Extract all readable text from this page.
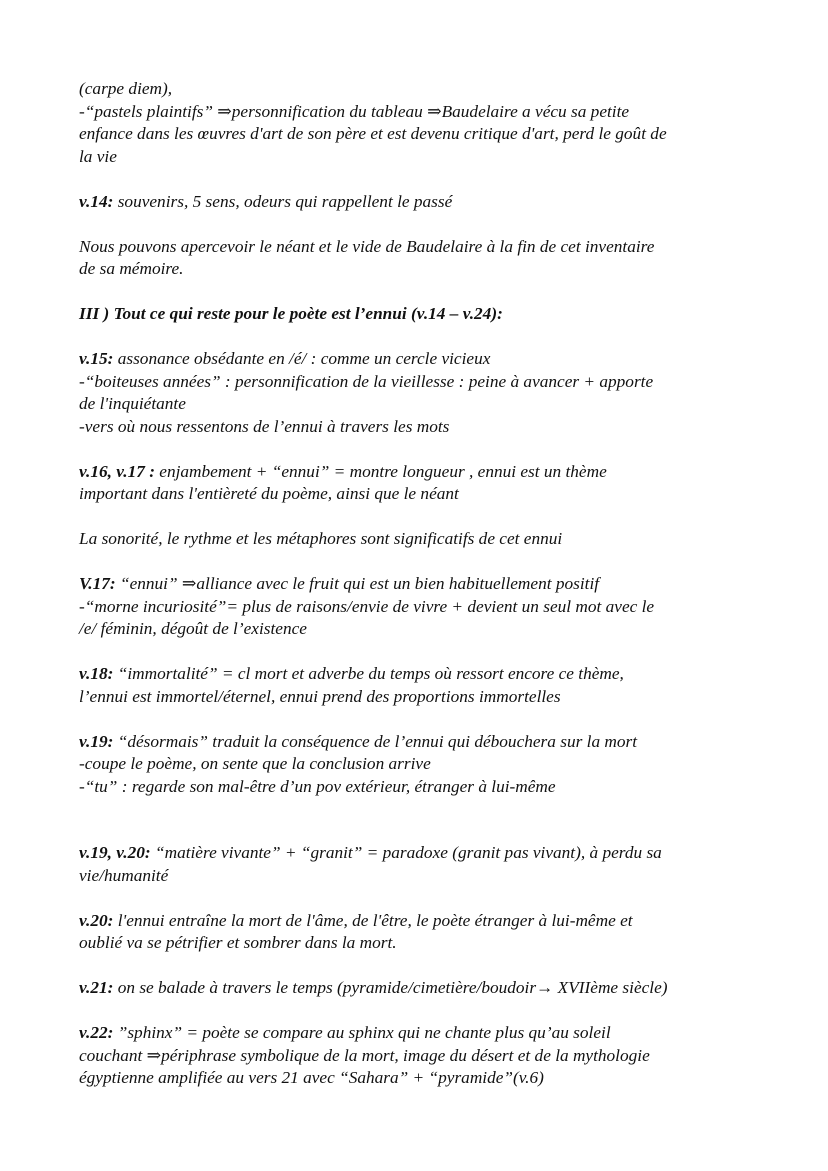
(carpe diem),
-“pastels plaintifs” ⇒personnification du tableau ⇒Baudelaire a vécu sa petite
enfance dans les œuvres d'art de son père et est devenu critique d'art, perd le goût de
la vie

v.14: souvenirs, 5 sens, odeurs qui rappellent le passé

Nous pouvons apercevoir le néant et le vide de Baudelaire à la fin de cet inventaire
de sa mémoire.

III ) Tout ce qui reste pour le poète est l’ennui (v.14 – v.24):

v.15: assonance obsédante en /é/ : comme un cercle vicieux
-“boiteuses années” : personnification de la vieillesse : peine à avancer + apporte
de l'inquiétante
-vers où nous ressentons de l’ennui à travers les mots

v.16, v.17 : enjambement + “ennui” = montre longueur , ennui est un thème
important dans l'entièreté du poème, ainsi que le néant

La sonorité, le rythme et les métaphores sont significatifs de cet ennui

V.17: “ennui” ⇒alliance avec le fruit qui est un bien habituellement positif
-“morne incuriosité”= plus de raisons/envie de vivre + devient un seul mot avec le
/e/ féminin, dégoût de l’existence

v.18: “immortalité” = cl mort et adverbe du temps où ressort encore ce thème,
l’ennui est immortel/éternel, ennui prend des proportions immortelles

v.19: “désormais” traduit la conséquence de l’ennui qui débouchera sur la mort
-coupe le poème, on sente que la conclusion arrive
-“tu” : regarde son mal-être d’un pov extérieur, étranger à lui-même

v.19, v.20: “matière vivante” + “granit” = paradoxe (granit pas vivant), à perdu sa
vie/humanité

v.20: l'ennui entraîne la mort de l'âme, de l'être, le poète étranger à lui-même et
oublié va se pétrifier et sombrer dans la mort.

v.21: on se balade à travers le temps (pyramide/cimetière/boudoir→ XVIIème siècle)

v.22: ”sphinx” = poète se compare au sphinx qui ne chante plus qu’au soleil
couchant ⇒périphrase symbolique de la mort, image du désert et de la mythologie
égyptienne amplifiée au vers 21 avec “Sahara” + “pyramide”(v.6)
